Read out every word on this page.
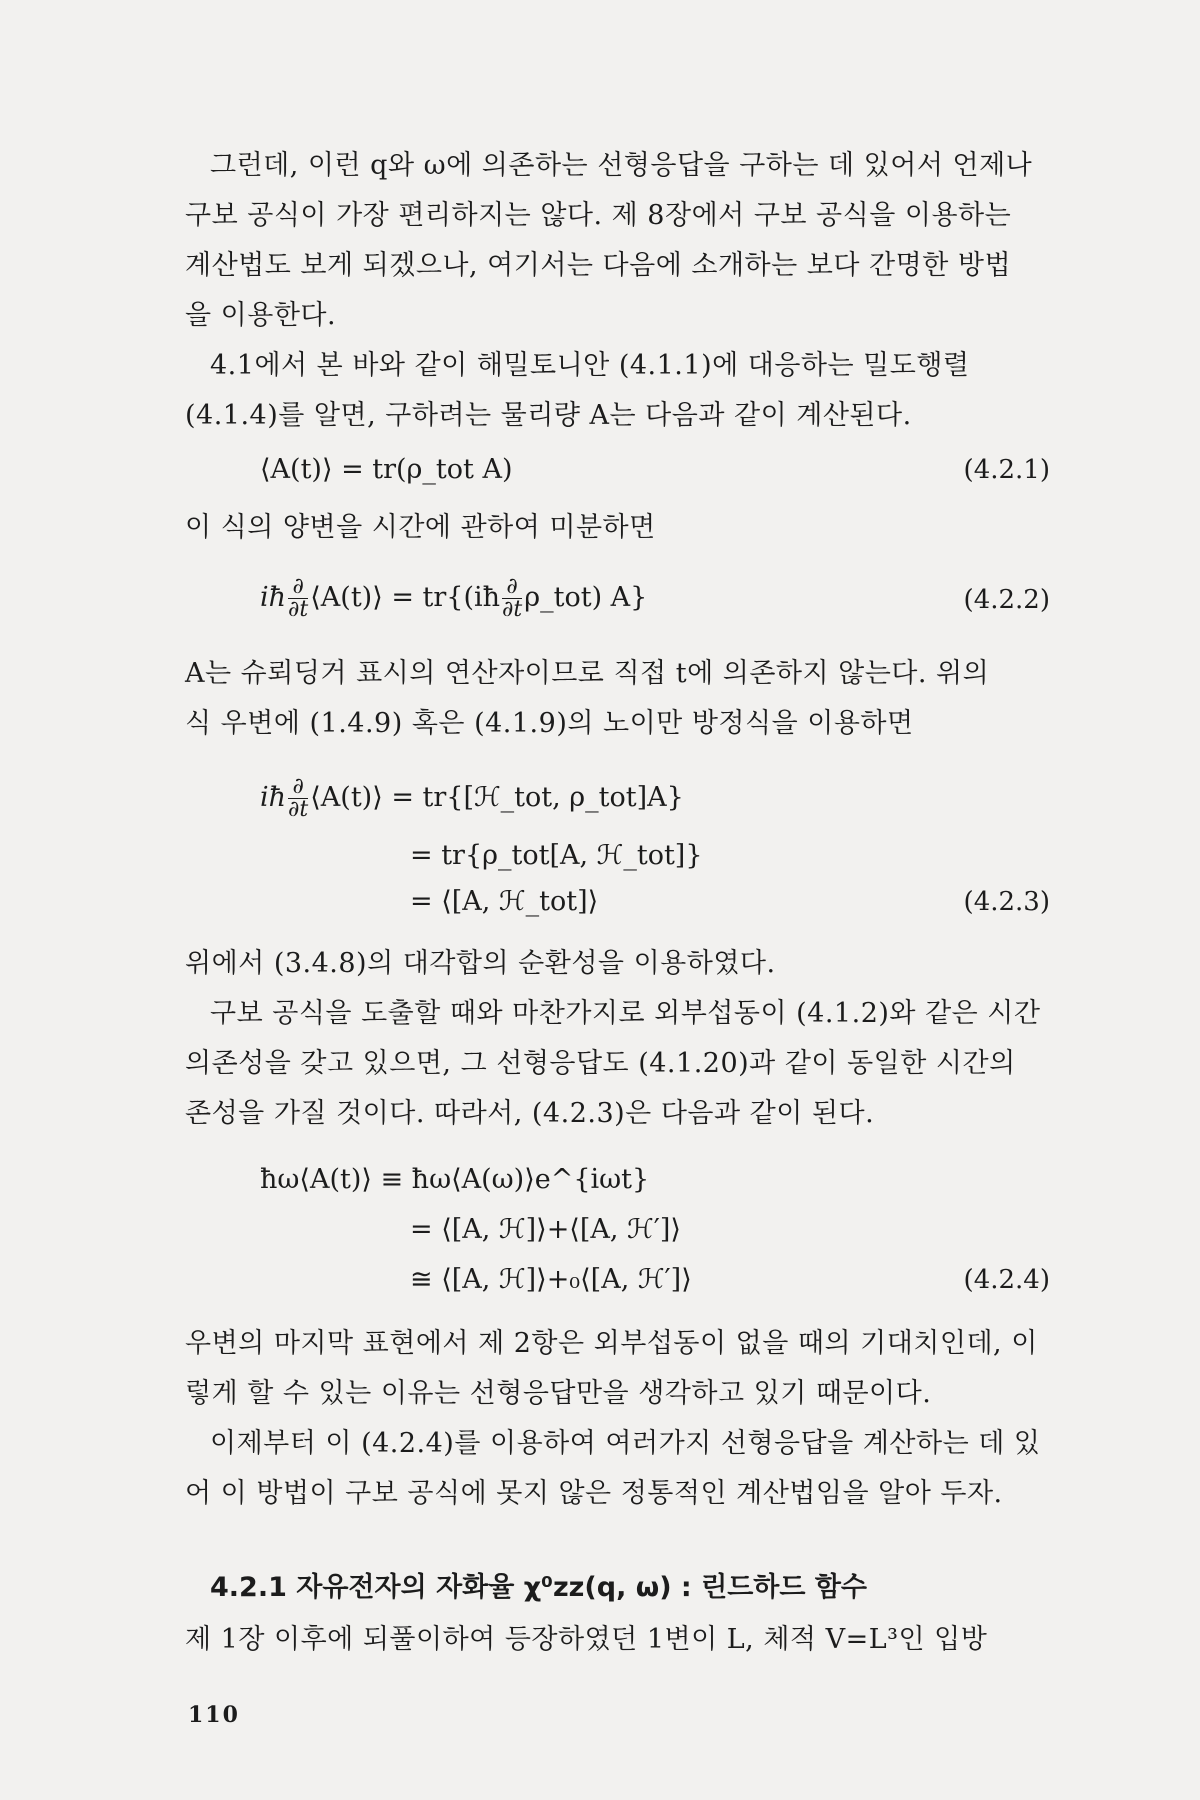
그런데, 이런 q와 ω에 의존하는 선형응답을 구하는 데 있어서 언제나

구보 공식이 가장 편리하지는 않다. 제 8장에서 구보 공식을 이용하는

계산법도 보게 되겠으나, 여기서는 다음에 소개하는 보다 간명한 방법

을 이용한다.

4.1에서 본 바와 같이 해밀토니안 (4.1.1)에 대응하는 밀도행렬

(4.1.4)를 알면, 구하려는 물리량 A는 다음과 같이 계산된다.

⟨A(t)⟩ = tr(ρ_tot A)	(4.2.1)

이 식의 양변을 시간에 관하여 미분하면

iħ $\frac{\partial}{\partial t}$ ⟨A(t)⟩ = tr{(iħ $\frac{\partial}{\partial t}$ ρ_tot) A}	(4.2.2)

A는 슈뢰딩거 표시의 연산자이므로 직접 t에 의존하지 않는다. 위의

식 우변에 (1.4.9) 혹은 (4.1.9)의 노이만 방정식을 이용하면

iħ $\frac{\partial}{\partial t}$ ⟨A(t)⟩ = tr{[ℋ_tot, ρ_tot]A}
= tr{ρ_tot[A, ℋ_tot]}
= ⟨[A, ℋ_tot]⟩	(4.2.3)

위에서 (3.4.8)의 대각합의 순환성을 이용하였다.

구보 공식을 도출할 때와 마찬가지로 외부섭동이 (4.1.2)와 같은 시간

의존성을 갖고 있으면, 그 선형응답도 (4.1.20)과 같이 동일한 시간의

존성을 가질 것이다. 따라서, (4.2.3)은 다음과 같이 된다.

ħω⟨A(t)⟩ ≡ ħω⟨A(ω)⟩e^{iωt}
= ⟨[A, ℋ]⟩+⟨[A, ℋ′]⟩
≅ ⟨[A, ℋ]⟩+₀⟨[A, ℋ′]⟩	(4.2.4)

우변의 마지막 표현에서 제 2항은 외부섭동이 없을 때의 기대치인데, 이

렇게 할 수 있는 이유는 선형응답만을 생각하고 있기 때문이다.

이제부터 이 (4.2.4)를 이용하여 여러가지 선형응답을 계산하는 데 있

어 이 방법이 구보 공식에 못지 않은 정통적인 계산법임을 알아 두자.

4.2.1 자유전자의 자화율 χ⁰zz(q, ω) : 린드하드 함수

제 1장 이후에 되풀이하여 등장하였던 1변이 L, 체적 V=L³인 입방

110
